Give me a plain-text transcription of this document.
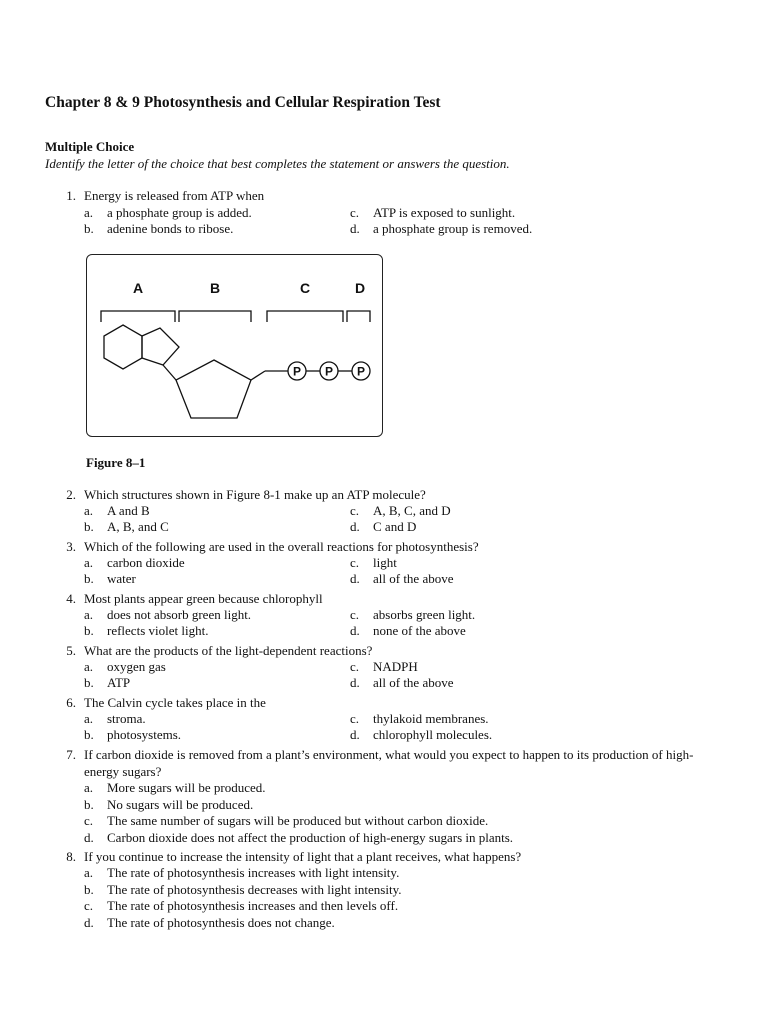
Chapter 8 & 9 Photosynthesis and Cellular Respiration Test
Multiple Choice
Identify the letter of the choice that best completes the statement or answers the question.
1. Energy is released from ATP when
a. a phosphate group is added.
b. adenine bonds to ribose.
c. ATP is exposed to sunlight.
d. a phosphate group is removed.
A	B	C	D
P P P
Figure 8–1
2. Which structures shown in Figure 8-1 make up an ATP molecule?
a. A and B
b. A, B, and C
c. A, B, C, and D
d. C and D
3. Which of the following are used in the overall reactions for photosynthesis?
a. carbon dioxide
b. water
c. light
d. all of the above
4. Most plants appear green because chlorophyll
a. does not absorb green light.
b. reflects violet light.
c. absorbs green light.
d. none of the above
5. What are the products of the light-dependent reactions?
a. oxygen gas
b. ATP
c. NADPH
d. all of the above
6. The Calvin cycle takes place in the
a. stroma.
b. photosystems.
c. thylakoid membranes.
d. chlorophyll molecules.
7. If carbon dioxide is removed from a plant’s environment, what would you expect to happen to its production of high-energy sugars?
a. More sugars will be produced.
b. No sugars will be produced.
c. The same number of sugars will be produced but without carbon dioxide.
d. Carbon dioxide does not affect the production of high-energy sugars in plants.
8. If you continue to increase the intensity of light that a plant receives, what happens?
a. The rate of photosynthesis increases with light intensity.
b. The rate of photosynthesis decreases with light intensity.
c. The rate of photosynthesis increases and then levels off.
d. The rate of photosynthesis does not change.
